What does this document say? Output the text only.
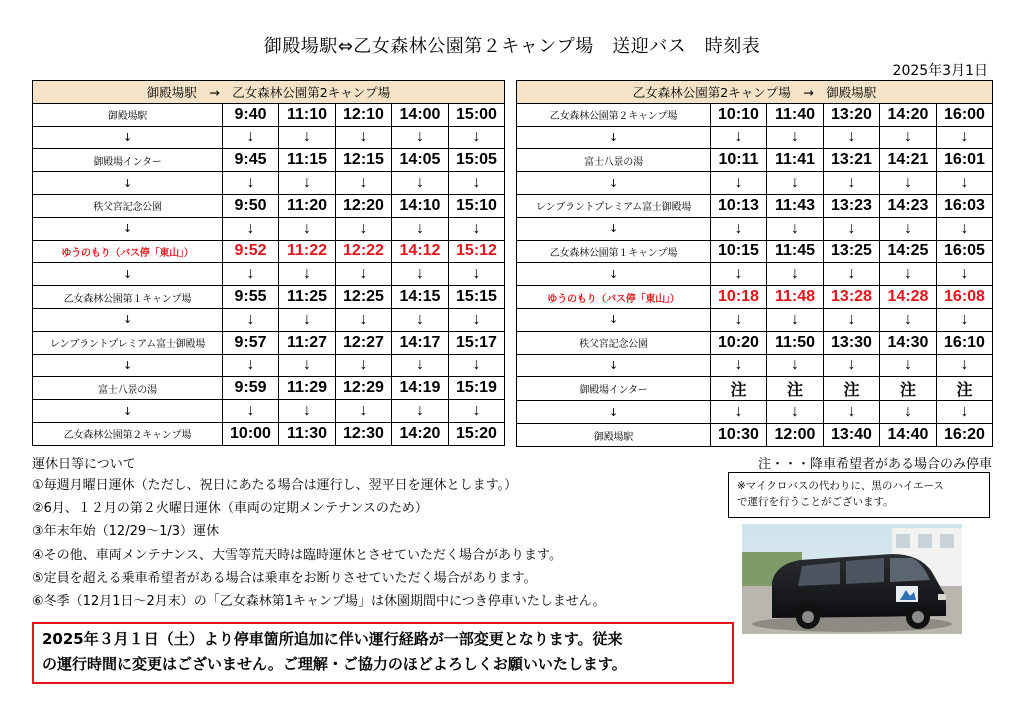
御殿場駅⇔乙女森林公園第２キャンプ場　送迎バス　時刻表
2025年3月1日
御殿場駅　→　乙女森林公園第2キャンプ場					
御殿場駅	9:40	11:10	12:10	14:00	15:00
↓	↓	↓	↓	↓	↓
御殿場インター	9:45	11:15	12:15	14:05	15:05
↓	↓	↓	↓	↓	↓
秩父宮記念公園	9:50	11:20	12:20	14:10	15:10
↓	↓	↓	↓	↓	↓
ゆうのもり（バス停「東山」）	9:52	11:22	12:22	14:12	15:12
↓	↓	↓	↓	↓	↓
乙女森林公園第１キャンプ場	9:55	11:25	12:25	14:15	15:15
↓	↓	↓	↓	↓	↓
レンブラントプレミアム富士御殿場	9:57	11:27	12:27	14:17	15:17
↓	↓	↓	↓	↓	↓
富士八景の湯	9:59	11:29	12:29	14:19	15:19
↓	↓	↓	↓	↓	↓
乙女森林公園第２キャンプ場	10:00	11:30	12:30	14:20	15:20
乙女森林公園第2キャンプ場　→　御殿場駅					
乙女森林公園第２キャンプ場	10:10	11:40	13:20	14:20	16:00
↓	↓	↓	↓	↓	↓
富士八景の湯	10:11	11:41	13:21	14:21	16:01
↓	↓	↓	↓	↓	↓
レンブラントプレミアム富士御殿場	10:13	11:43	13:23	14:23	16:03
↓	↓	↓	↓	↓	↓
乙女森林公園第１キャンプ場	10:15	11:45	13:25	14:25	16:05
↓	↓	↓	↓	↓	↓
ゆうのもり（バス停「東山」）	10:18	11:48	13:28	14:28	16:08
↓	↓	↓	↓	↓	↓
秩父宮記念公園	10:20	11:50	13:30	14:30	16:10
↓	↓	↓	↓	↓	↓
御殿場インター	注	注	注	注	注
↓	↓	↓	↓	↓	↓
御殿場駅	10:30	12:00	13:40	14:40	16:20
運休日等について	注・・・降車希望者がある場合のみ停車
①毎週月曜日運休（ただし、祝日にあたる場合は運行し、翌平日を運休とします。）
②6月、１２月の第２火曜日運休（車両の定期メンテナンスのため）
③年末年始（12/29～1/3）運休
④その他、車両メンテナンス、大雪等荒天時は臨時運休とさせていただく場合があります。
⑤定員を超える乗車希望者がある場合は乗車をお断りさせていただく場合があります。
⑥冬季（12月1日～2月末）の「乙女森林第1キャンプ場」は休園期間中につき停車いたしません。
※マイクロバスの代わりに、黒のハイエース
で運行を行うことがございます。
2025年３月１日（土）より停車箇所追加に伴い運行経路が一部変更となります。従来
の運行時間に変更はございません。ご理解・ご協力のほどよろしくお願いいたします。
